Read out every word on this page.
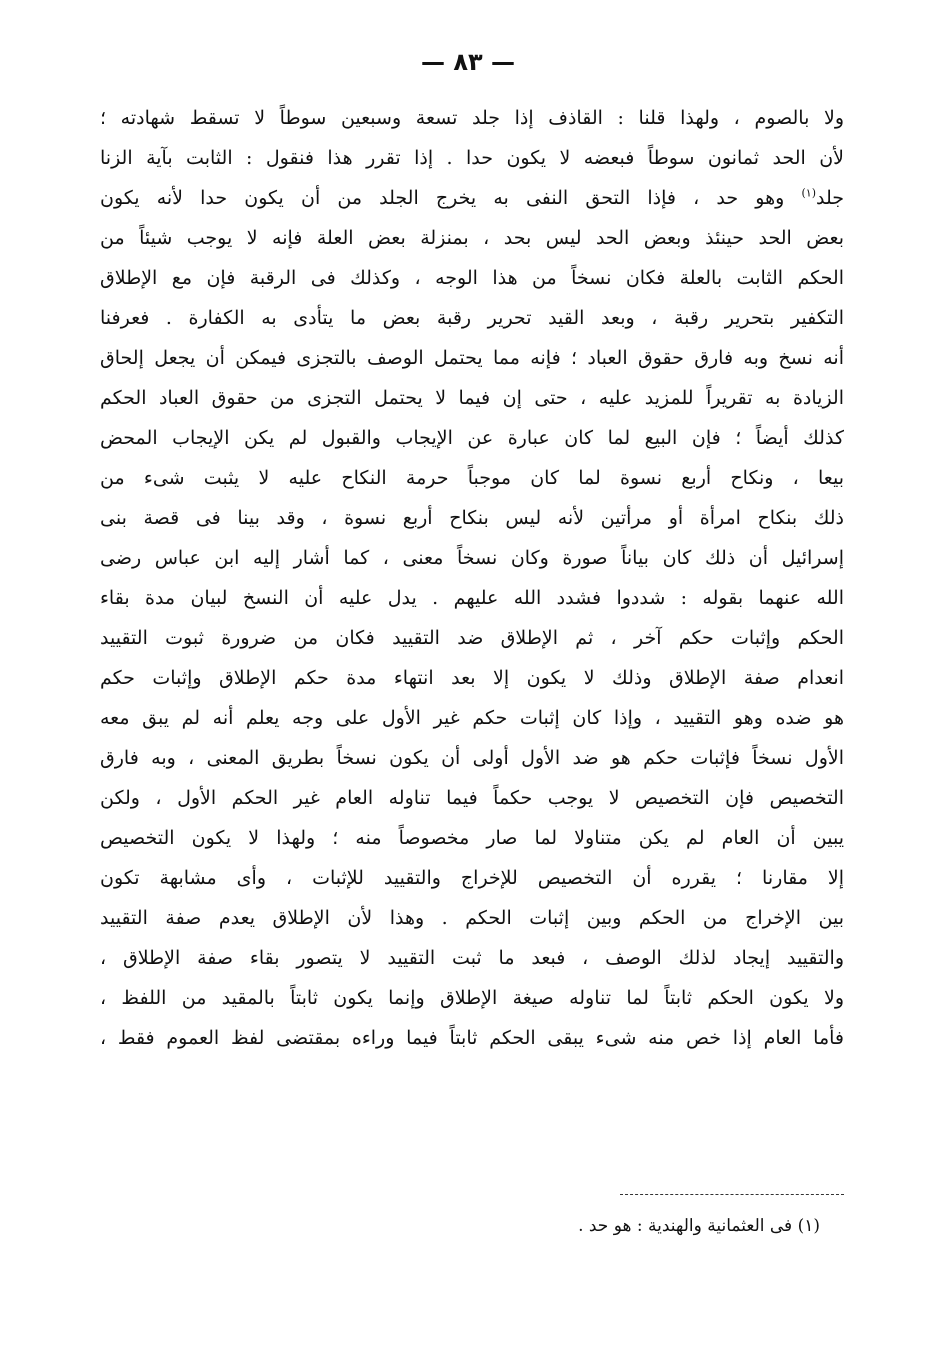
— ٨٣ —
ولا بالصوم ، ولهذا قلنا : القاذف إذا جلد تسعة وسبعين سوطاً لا تسقط شهادته ؛
لأن الحد ثمانون سوطاً فبعضه لا يكون حدا . إذا تقرر هذا فنقول : الثابت بآية الزنا
جلد$^{(١)}$ وهو حد ، فإذا التحق النفى به يخرج الجلد من أن يكون حدا لأنه يكون
بعض الحد حينئذ وبعض الحد ليس بحد ، بمنزلة بعض العلة فإنه لا يوجب شيئاً من
الحكم الثابت بالعلة فكان نسخاً من هذا الوجه ، وكذلك فى الرقبة فإن مع الإطلاق
التكفير بتحرير رقبة ، وبعد القيد تحرير رقبة بعض ما يتأدى به الكفارة . فعرفنا
أنه نسخ وبه فارق حقوق العباد ؛ فإنه مما يحتمل الوصف بالتجزى فيمكن أن يجعل إلحاق
الزيادة به تقريراً للمزيد عليه ، حتى إن فيما لا يحتمل التجزى من حقوق العباد الحكم
كذلك أيضاً ؛ فإن البيع لما كان عبارة عن الإيجاب والقبول لم يكن الإيجاب المحض
بيعا ، ونكاح أربع نسوة لما كان موجباً حرمة النكاح عليه لا يثبت شىء من
ذلك بنكاح امرأة أو مرأتين لأنه ليس بنكاح أربع نسوة ، وقد بينا فى قصة بنى
إسرائيل أن ذلك كان بياناً صورة وكان نسخاً معنى ، كما أشار إليه ابن عباس رضى
الله عنهما بقوله : شددوا فشدد الله عليهم . يدل عليه أن النسخ لبيان مدة بقاء
الحكم وإثبات حكم آخر ، ثم الإطلاق ضد التقييد فكان من ضرورة ثبوت التقييد
انعدام صفة الإطلاق وذلك لا يكون إلا بعد انتهاء مدة حكم الإطلاق وإثبات حكم
هو ضده وهو التقييد ، وإذا كان إثبات حكم غير الأول على وجه يعلم أنه لم يبق معه
الأول نسخاً فإثبات حكم هو ضد الأول أولى أن يكون نسخاً بطريق المعنى ، وبه فارق
التخصيص فإن التخصيص لا يوجب حكماً فيما تناوله العام غير الحكم الأول ، ولكن
يبين أن العام لم يكن متناولا لما صار مخصوصاً منه ؛ ولهذا لا يكون التخصيص
إلا مقارنا ؛ يقرره أن التخصيص للإخراج والتقييد للإثبات ، وأى مشابهة تكون
بين الإخراج من الحكم وبين إثبات الحكم . وهذا لأن الإطلاق يعدم صفة التقييد
والتقييد إيجاد لذلك الوصف ، فبعد ما ثبت التقييد لا يتصور بقاء صفة الإطلاق ،
ولا يكون الحكم ثابتاً لما تناوله صيغة الإطلاق وإنما يكون ثابتاً بالمقيد من اللفظ ،
فأما العام إذا خص منه شىء يبقى الحكم ثابتاً فيما وراءه بمقتضى لفظ العموم فقط ،
(١) فى العثمانية والهندية : هو حد .
